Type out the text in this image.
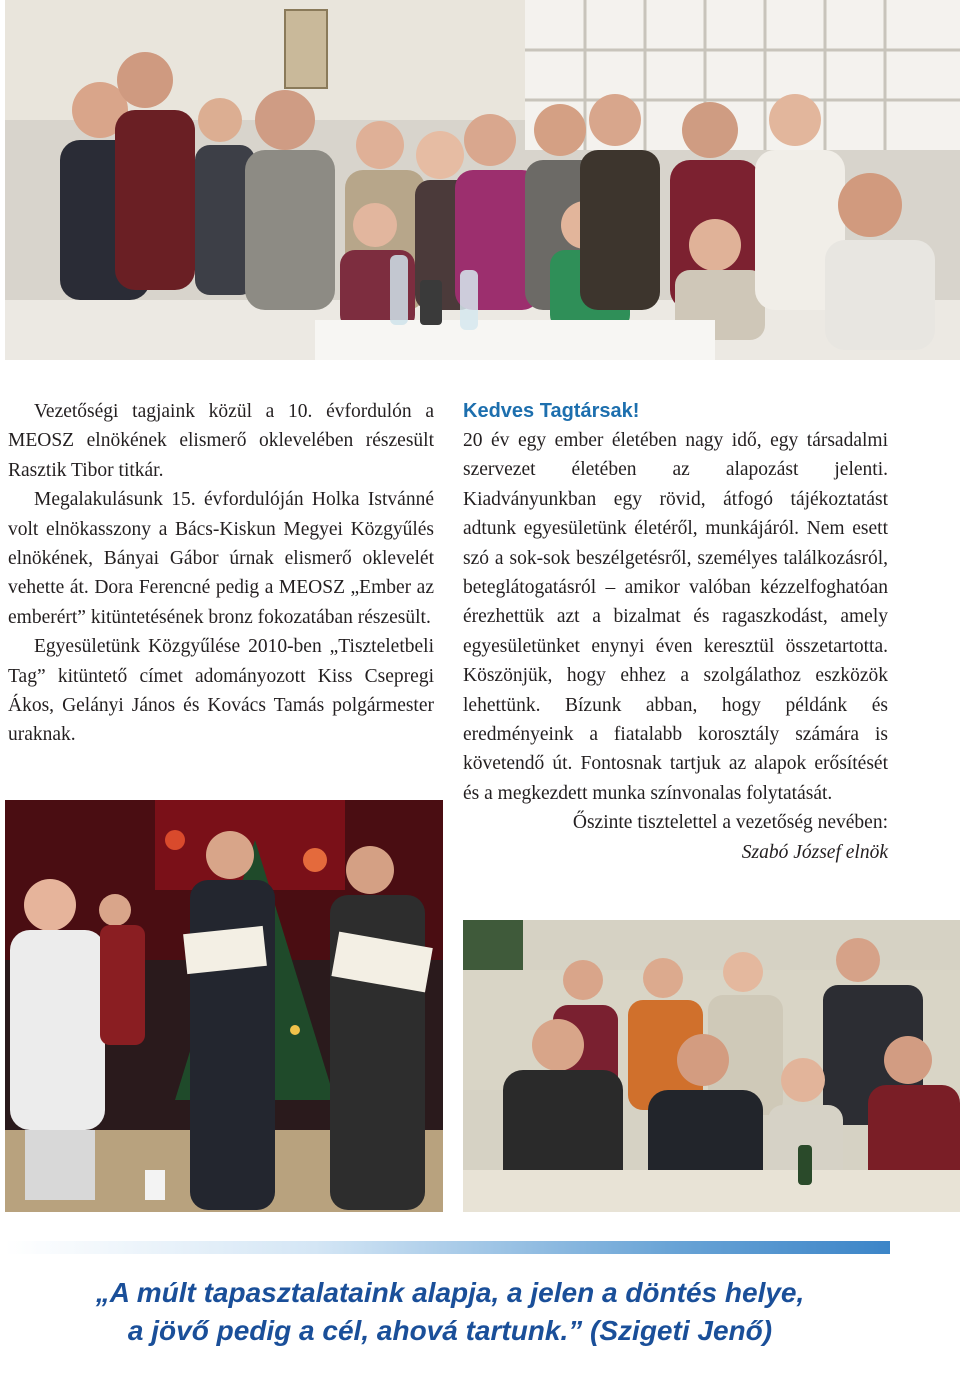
Vezetőségi tagjaink közül a 10. évfordulón a MEOSZ elnökének elismerő oklevelében részesült Rasztik Tibor titkár.

Megalakulásunk 15. évfordulóján Holka Istvánné volt elnökasszony a Bács-Kiskun Megyei Közgyűlés elnökének, Bányai Gábor úrnak elismerő oklevelét vehette át. Dora Ferencné pedig a MEOSZ „Ember az emberért” kitüntetésének bronz fokozatában részesült.

Egyesületünk Közgyűlése 2010-ben „Tiszteletbeli Tag” kitüntető címet adományozott Kiss Csepregi Ákos, Gelányi János és Kovács Tamás polgármester uraknak.

Kedves Tagtársak!

20 év egy ember életében nagy idő, egy társadalmi szervezet életében az alapozást jelenti. Kiadványunkban egy rövid, átfogó tájékoztatást adtunk egyesületünk életéről, munkájáról. Nem esett szó a sok-sok beszélgetésről, személyes találkozásról, beteglátogatásról – amikor valóban kézzelfoghatóan érezhettük azt a bizalmat és ragaszkodást, amely egyesületünket enynyi éven keresztül összetartotta. Köszönjük, hogy ehhez a szolgálathoz eszközök lehettünk. Bízunk abban, hogy példánk és eredményeink a fiatalabb korosztály számára is követendő út. Fontosnak tartjuk az alapok erősítését és a megkezdett munka színvonalas folytatását.

Őszinte tisztelettel a vezetőség nevében:

Szabó József elnök

„A múlt tapasztalataink alapja, a jelen a döntés helye,
a jövő pedig a cél, ahová tartunk.” (Szigeti Jenő)
